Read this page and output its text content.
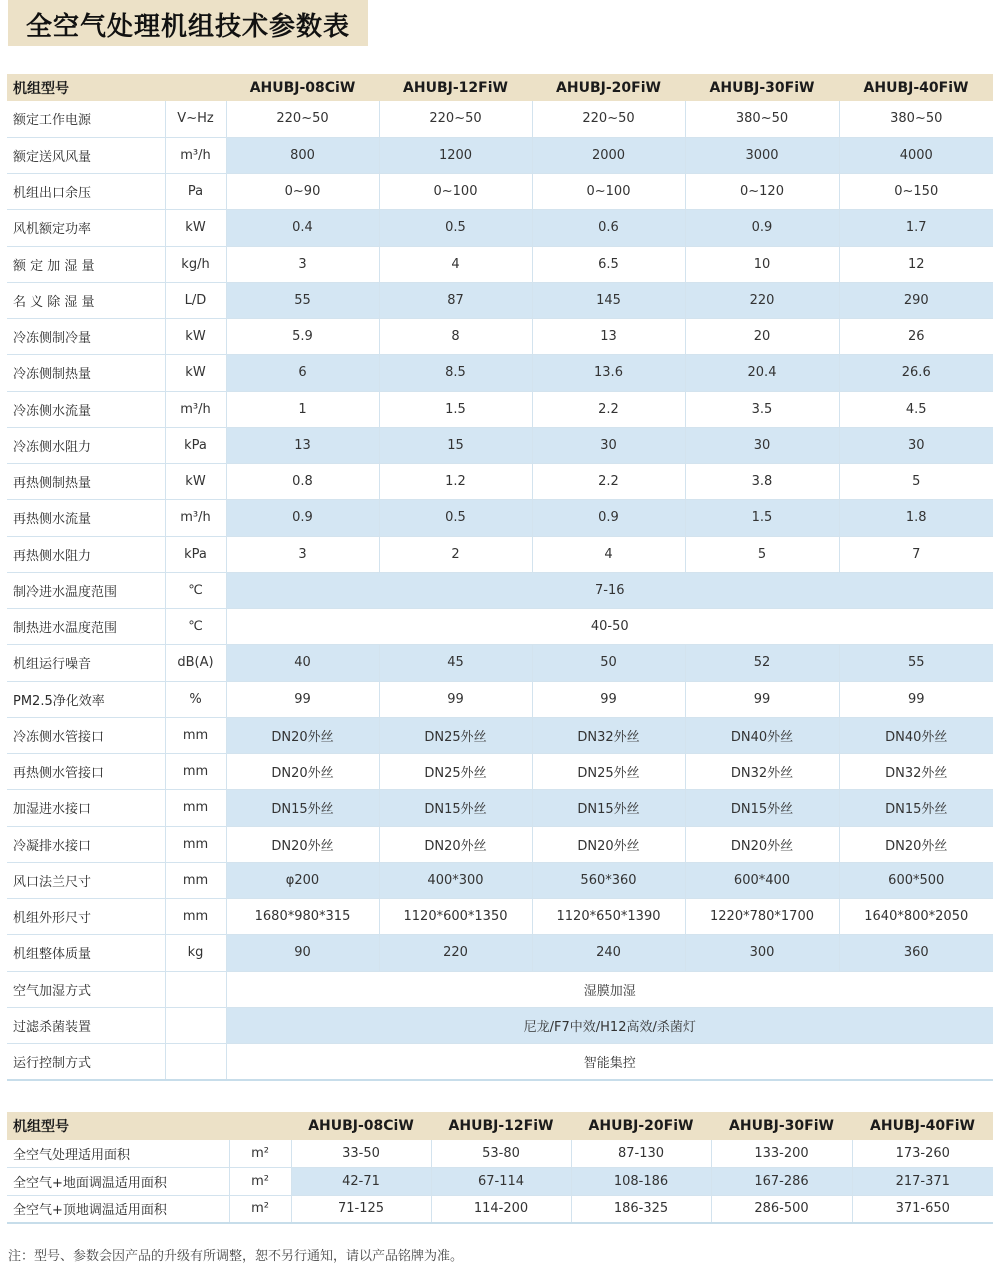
全空气处理机组技术参数表
机组型号		AHUBJ-08CiW	AHUBJ-12FiW	AHUBJ-20FiW	AHUBJ-30FiW	AHUBJ-40FiW
额定工作电源	V~Hz	220~50	220~50	220~50	380~50	380~50
额定送风风量	m³/h	800	1200	2000	3000	4000
机组出口余压	Pa	0~90	0~100	0~100	0~120	0~150
风机额定功率	kW	0.4	0.5	0.6	0.9	1.7
额 定 加 湿 量	kg/h	3	4	6.5	10	12
名 义 除 湿 量	L/D	55	87	145	220	290
冷冻侧制冷量	kW	5.9	8	13	20	26
冷冻侧制热量	kW	6	8.5	13.6	20.4	26.6
冷冻侧水流量	m³/h	1	1.5	2.2	3.5	4.5
冷冻侧水阻力	kPa	13	15	30	30	30
再热侧制热量	kW	0.8	1.2	2.2	3.8	5
再热侧水流量	m³/h	0.9	0.5	0.9	1.5	1.8
再热侧水阻力	kPa	3	2	4	5	7
制冷进水温度范围	℃	7-16				
制热进水温度范围	℃	40-50				
机组运行噪音	dB(A)	40	45	50	52	55
PM2.5净化效率	%	99	99	99	99	99
冷冻侧水管接口	mm	DN20外丝	DN25外丝	DN32外丝	DN40外丝	DN40外丝
再热侧水管接口	mm	DN20外丝	DN25外丝	DN25外丝	DN32外丝	DN32外丝
加湿进水接口	mm	DN15外丝	DN15外丝	DN15外丝	DN15外丝	DN15外丝
冷凝排水接口	mm	DN20外丝	DN20外丝	DN20外丝	DN20外丝	DN20外丝
风口法兰尺寸	mm	φ200	400*300	560*360	600*400	600*500
机组外形尺寸	mm	1680*980*315	1120*600*1350	1120*650*1390	1220*780*1700	1640*800*2050
机组整体质量	kg	90	220	240	300	360
空气加湿方式		湿膜加湿				
过滤杀菌装置		尼龙/F7中效/H12高效/杀菌灯				
运行控制方式		智能集控				
机组型号		AHUBJ-08CiW	AHUBJ-12FiW	AHUBJ-20FiW	AHUBJ-30FiW	AHUBJ-40FiW
全空气处理适用面积	m²	33-50	53-80	87-130	133-200	173-260
全空气+地面调温适用面积	m²	42-71	67-114	108-186	167-286	217-371
全空气+顶地调温适用面积	m²	71-125	114-200	186-325	286-500	371-650
注：型号、参数会因产品的升级有所调整，恕不另行通知，请以产品铭牌为准。
